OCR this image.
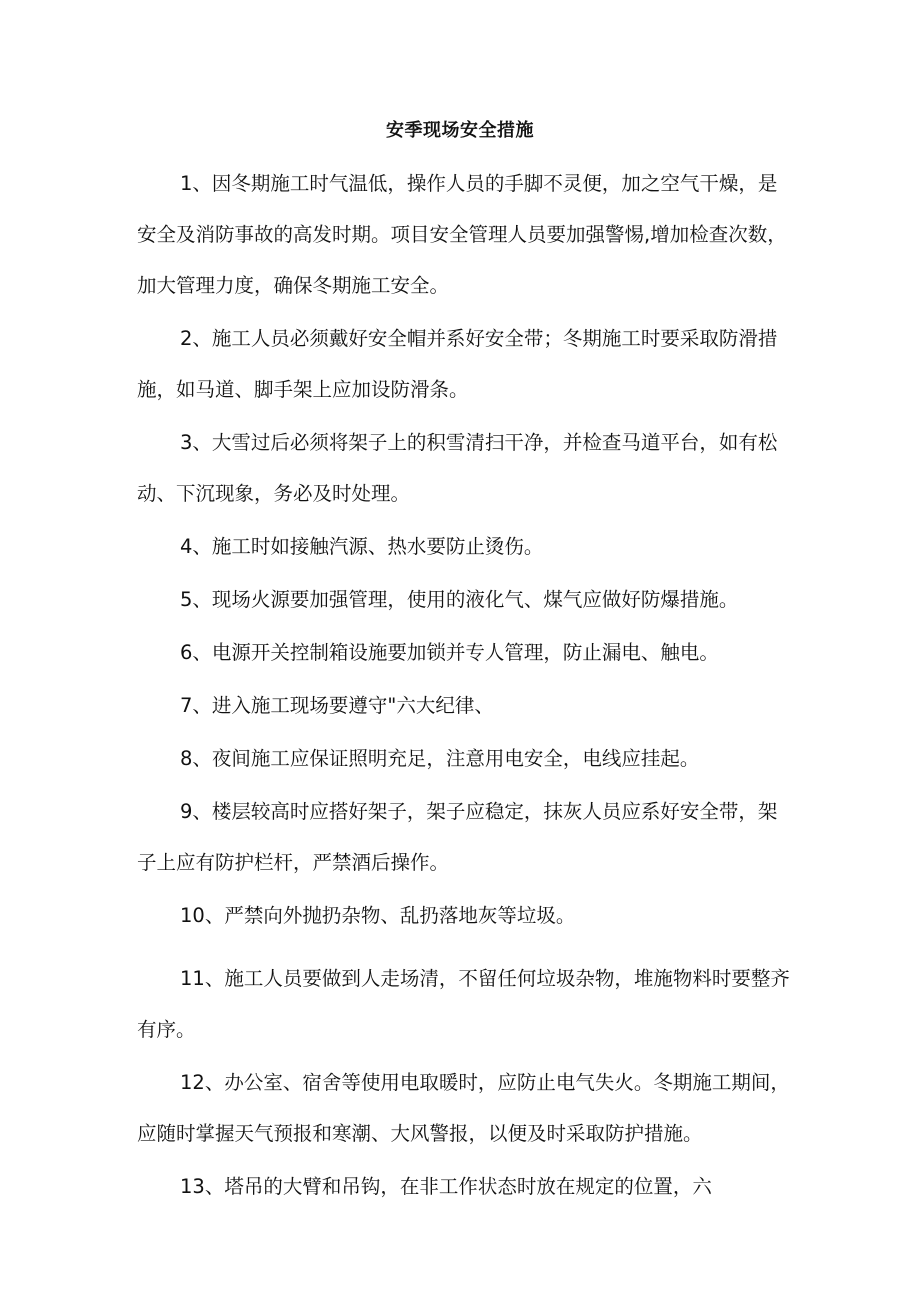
安季现场安全措施

1、因冬期施工时气温低，操作人员的手脚不灵便，加之空气干燥，是安全及消防事故的高发时期。项目安全管理人员要加强警惕,增加检查次数，加大管理力度，确保冬期施工安全。

2、施工人员必须戴好安全帽并系好安全带；冬期施工时要采取防滑措施，如马道、脚手架上应加设防滑条。

3、大雪过后必须将架子上的积雪清扫干净，并检查马道平台，如有松动、下沉现象，务必及时处理。

4、施工时如接触汽源、热水要防止烫伤。

5、现场火源要加强管理，使用的液化气、煤气应做好防爆措施。

6、电源开关控制箱设施要加锁并专人管理，防止漏电、触电。

7、进入施工现场要遵守"六大纪律、

8、夜间施工应保证照明充足，注意用电安全，电线应挂起。

9、楼层较高时应搭好架子，架子应稳定，抹灰人员应系好安全带，架子上应有防护栏杆，严禁酒后操作。

10、严禁向外抛扔杂物、乱扔落地灰等垃圾。

11、施工人员要做到人走场清，不留任何垃圾杂物，堆施物料时要整齐有序。

12、办公室、宿舍等使用电取暖时，应防止电气失火。冬期施工期间，应随时掌握天气预报和寒潮、大风警报，以便及时采取防护措施。

13、塔吊的大臂和吊钩，在非工作状态时放在规定的位置，六
